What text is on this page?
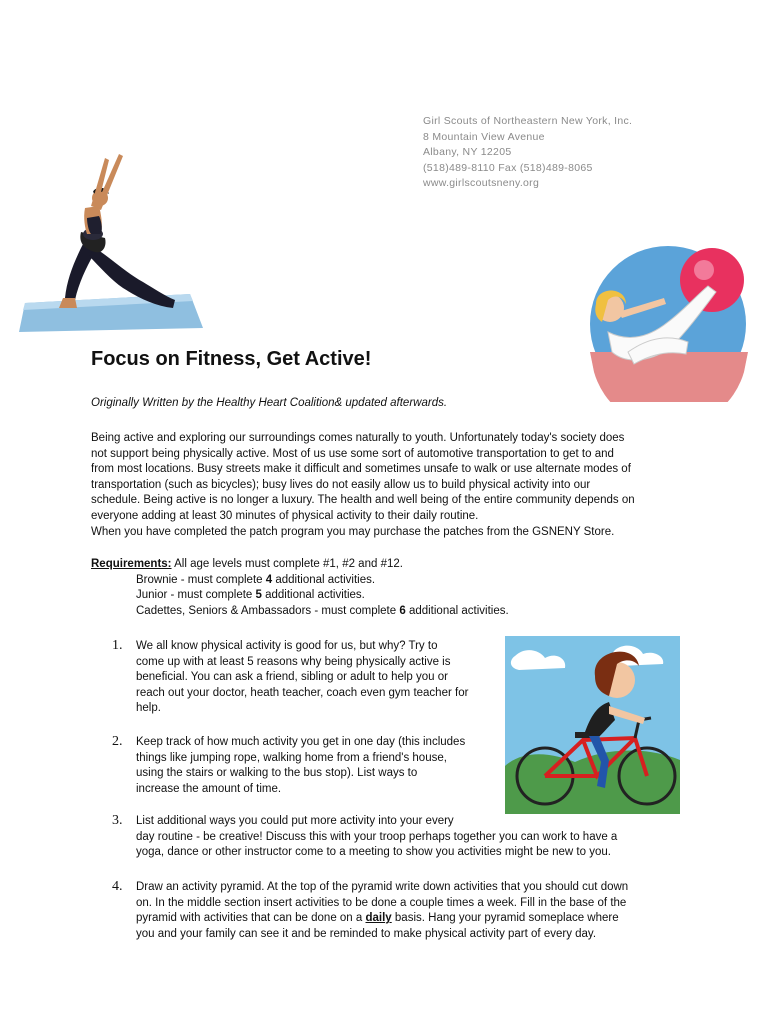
Girl Scouts of Northeastern New York, Inc.
8 Mountain View Avenue
Albany, NY 12205
(518)489-8110 Fax (518)489-8065
www.girlscoutsneny.org
Focus on Fitness, Get Active!
Originally Written by the Healthy Heart Coalition& updated afterwards.
Being active and exploring our surroundings comes naturally to youth. Unfortunately today's society does
not support being physically active. Most of us use some sort of automotive transportation to get to and
from most locations. Busy streets make it difficult and sometimes unsafe to walk or use alternate modes of
transportation (such as bicycles); busy lives do not easily allow us to build physical activity into our
schedule. Being active is no longer a luxury. The health and well being of the entire community depends on
everyone adding at least 30 minutes of physical activity to their daily routine.
When you have completed the patch program you may purchase the patches from the GSNENY Store.
Requirements: All age levels must complete #1, #2 and #12.
Brownie - must complete 4 additional activities.
Junior - must complete 5 additional activities.
Cadettes, Seniors & Ambassadors - must complete 6 additional activities.
1. We all know physical activity is good for us, but why? Try to
come up with at least 5 reasons why being physically active is
beneficial. You can ask a friend, sibling or adult to help you or
reach out your doctor, heath teacher, coach even gym teacher for
help.
2. Keep track of how much activity you get in one day (this includes
things like jumping rope, walking home from a friend's house,
using the stairs or walking to the bus stop). List ways to
increase the amount of time.
3. List additional ways you could put more activity into your every
day routine - be creative! Discuss this with your troop perhaps together you can work to have a
yoga, dance or other instructor come to a meeting to show you activities might be new to you.
4. Draw an activity pyramid. At the top of the pyramid write down activities that you should cut down
on. In the middle section insert activities to be done a couple times a week. Fill in the base of the
pyramid with activities that can be done on a daily basis. Hang your pyramid someplace where
you and your family can see it and be reminded to make physical activity part of every day.
